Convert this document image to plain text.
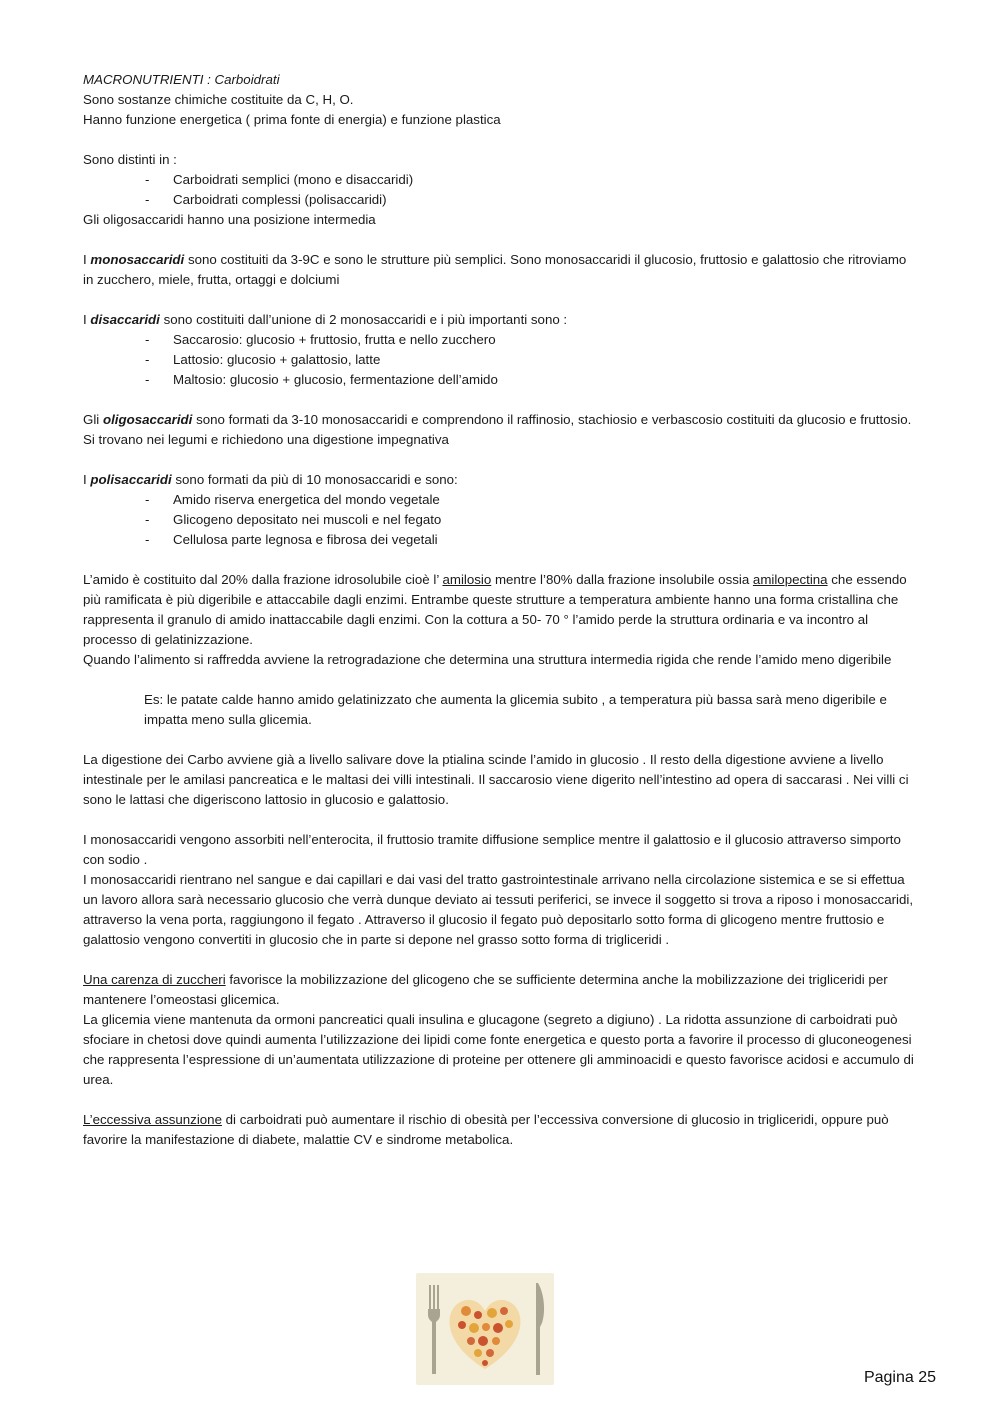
MACRONUTRIENTI : Carboidrati

Sono sostanze chimiche costituite da C, H, O.

Hanno funzione energetica ( prima fonte di energia) e funzione plastica

Sono distinti in :

- Carboidrati semplici (mono e disaccaridi)
- Carboidrati complessi (polisaccaridi)

Gli oligosaccaridi hanno una posizione intermedia

I monosaccaridi sono costituiti da 3-9C e sono le strutture più semplici. Sono monosaccaridi il glucosio, fruttosio e galattosio che ritroviamo in zucchero, miele, frutta, ortaggi e dolciumi

I disaccaridi sono costituiti dall’unione di 2 monosaccaridi e i più importanti sono :

- Saccarosio: glucosio + fruttosio, frutta e nello zucchero
- Lattosio: glucosio + galattosio, latte
- Maltosio: glucosio + glucosio, fermentazione dell’amido

Gli oligosaccaridi sono formati da 3-10 monosaccaridi e comprendono il raffinosio, stachiosio e verbascosio costituiti da glucosio e fruttosio.

Si trovano nei legumi e richiedono una digestione impegnativa

I polisaccaridi sono formati da più di 10 monosaccaridi e sono:

- Amido riserva energetica del mondo vegetale
- Glicogeno depositato nei muscoli e nel fegato
- Cellulosa parte legnosa e fibrosa dei vegetali

L’amido è costituito dal 20% dalla frazione idrosolubile cioè l’ amilosio mentre l’80% dalla frazione insolubile ossia amilopectina che essendo più ramificata è più digeribile e attaccabile dagli enzimi. Entrambe queste strutture a temperatura ambiente hanno una forma cristallina che rappresenta il granulo di amido inattaccabile dagli enzimi. Con la cottura a 50- 70 ° l’amido perde la struttura ordinaria e va incontro al processo di gelatinizzazione.

Quando l’alimento si raffredda avviene la retrogradazione che determina una struttura intermedia rigida che rende l’amido meno digeribile

Es: le patate calde hanno amido gelatinizzato che aumenta la glicemia subito , a temperatura più bassa sarà meno digeribile e impatta meno sulla glicemia.

La digestione dei Carbo avviene già a livello salivare dove la ptialina scinde l’amido in glucosio . Il resto della digestione avviene a livello intestinale per le amilasi pancreatica e le maltasi dei villi intestinali. Il saccarosio viene digerito nell’intestino ad opera di saccarasi . Nei villi ci sono le lattasi che digeriscono lattosio in glucosio e galattosio.

I monosaccaridi vengono assorbiti nell’enterocita, il fruttosio tramite diffusione semplice mentre il galattosio e il glucosio attraverso simporto con sodio .

I monosaccaridi rientrano nel sangue e dai capillari e dai vasi del tratto gastrointestinale arrivano nella circolazione sistemica e se si effettua un lavoro allora sarà necessario glucosio che verrà dunque deviato ai tessuti periferici, se invece il soggetto si trova a riposo i monosaccaridi, attraverso la vena porta, raggiungono il fegato . Attraverso il glucosio il fegato può depositarlo sotto forma di glicogeno mentre fruttosio e galattosio vengono convertiti in glucosio che in parte si depone nel grasso sotto forma di trigliceridi .

Una carenza di zuccheri favorisce la mobilizzazione del glicogeno che se sufficiente determina anche la mobilizzazione dei trigliceridi per mantenere l’omeostasi glicemica.

La glicemia viene mantenuta da ormoni pancreatici quali insulina e glucagone (segreto a digiuno) . La ridotta assunzione di carboidrati può sfociare in chetosi dove quindi aumenta l’utilizzazione dei lipidi come fonte energetica e questo porta a favorire il processo di gluconeogenesi che rappresenta l’espressione di un’aumentata utilizzazione di proteine per ottenere gli amminoacidi e questo favorisce acidosi e accumulo di urea.

L’eccessiva assunzione di carboidrati può aumentare il rischio di obesità per l’eccessiva conversione di glucosio in trigliceridi, oppure può favorire la manifestazione di diabete, malattie CV e sindrome metabolica.

Pagina 25
